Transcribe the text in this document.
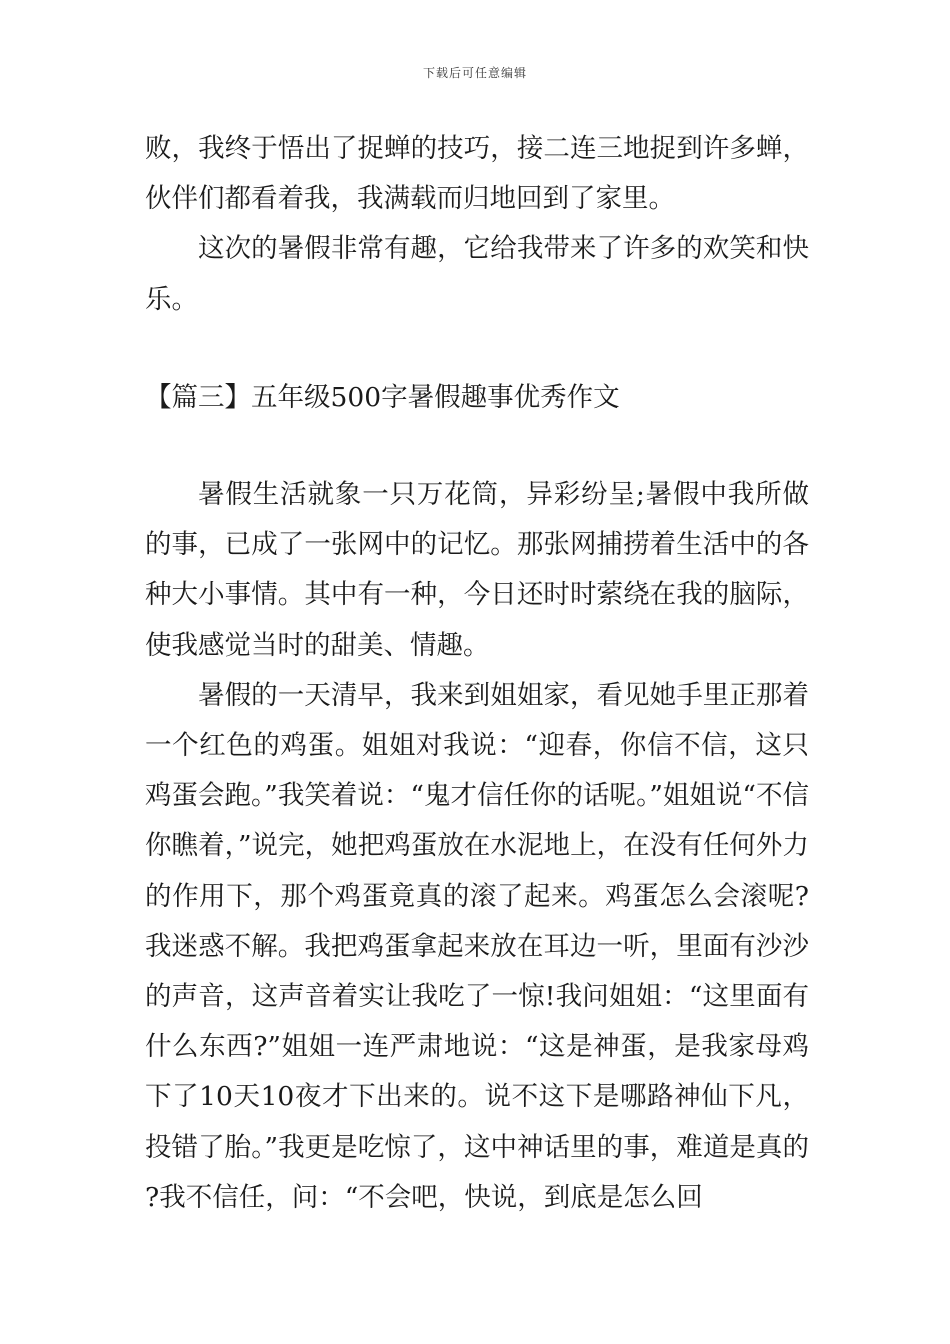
下载后可任意编辑

败，我终于悟出了捉蝉的技巧，接二连三地捉到许多蝉，伙伴们都看着我，我满载而归地回到了家里。

这次的暑假非常有趣，它给我带来了许多的欢笑和快乐。

【篇三】五年级500字暑假趣事优秀作文

暑假生活就象一只万花筒，异彩纷呈;暑假中我所做的事，已成了一张网中的记忆。那张网捕捞着生活中的各种大小事情。其中有一种，今日还时时萦绕在我的脑际，使我感觉当时的甜美、情趣。

暑假的一天清早，我来到姐姐家，看见她手里正那着一个红色的鸡蛋。姐姐对我说：“迎春，你信不信，这只鸡蛋会跑。”我笑着说：“鬼才信任你的话呢。”姐姐说“不信你瞧着，”说完，她把鸡蛋放在水泥地上，在没有任何外力的作用下，那个鸡蛋竟真的滚了起来。鸡蛋怎么会滚呢?我迷惑不解。我把鸡蛋拿起来放在耳边一听，里面有沙沙的声音，这声音着实让我吃了一惊!我问姐姐：“这里面有什么东西?”姐姐一连严肃地说：“这是神蛋，是我家母鸡下了10天10夜才下出来的。说不这下是哪路神仙下凡，投错了胎。”我更是吃惊了，这中神话里的事，难道是真的?我不信任，问：“不会吧，快说，到底是怎么回
